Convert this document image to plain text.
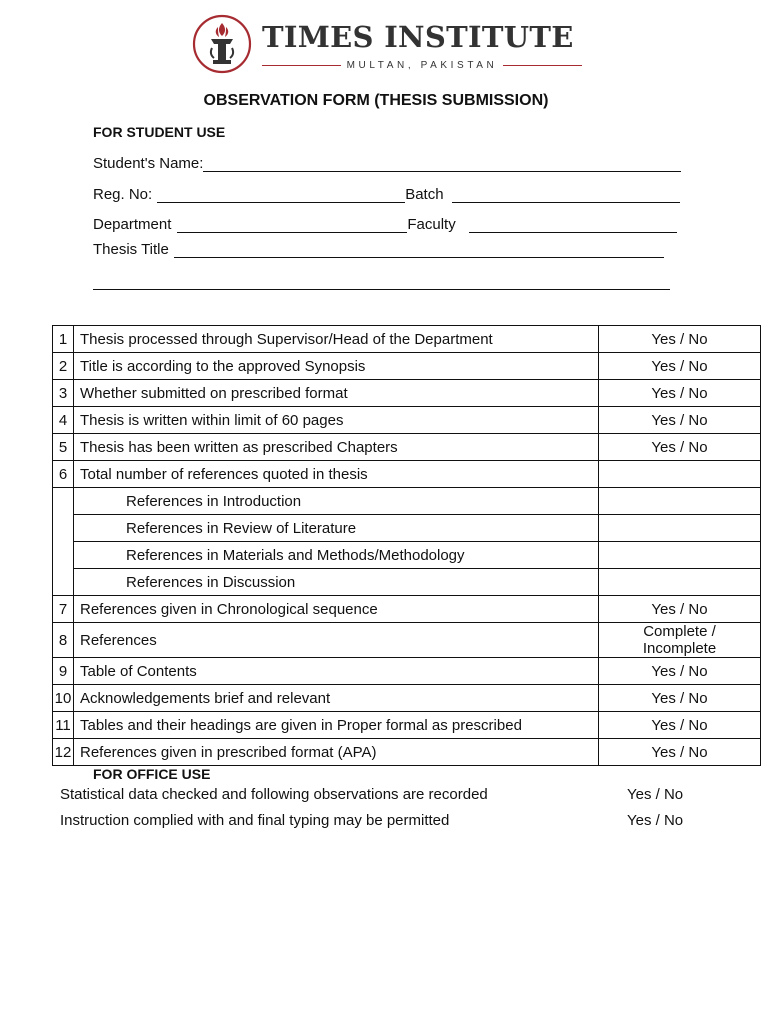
TIMES INSTITUTE
MULTAN, PAKISTAN
OBSERVATION FORM (THESIS SUBMISSION)
FOR STUDENT USE
Student's Name:
Reg. No:	Batch
Department	Faculty
Thesis Title
1	Thesis processed through Supervisor/Head of the Department	Yes / No
2	Title is according to the approved Synopsis	Yes / No
3	Whether submitted on prescribed format	Yes / No
4	Thesis is written within limit of 60 pages	Yes / No
5	Thesis has been written as prescribed Chapters	Yes / No
6	Total number of references quoted in thesis	
	References in Introduction	
	References in Review of Literature	
	References in Materials and Methods/Methodology	
	References in Discussion	
7	References given in Chronological sequence	Yes / No
8	References	Complete / Incomplete
9	Table of Contents	Yes / No
10	Acknowledgements brief and relevant	Yes / No
11	Tables and their headings are given in Proper formal as prescribed	Yes / No
12	References given in prescribed format (APA)	Yes / No
FOR OFFICE USE
Statistical data checked and following observations are recorded	Yes / No
Instruction complied with and final typing may be permitted	Yes / No
